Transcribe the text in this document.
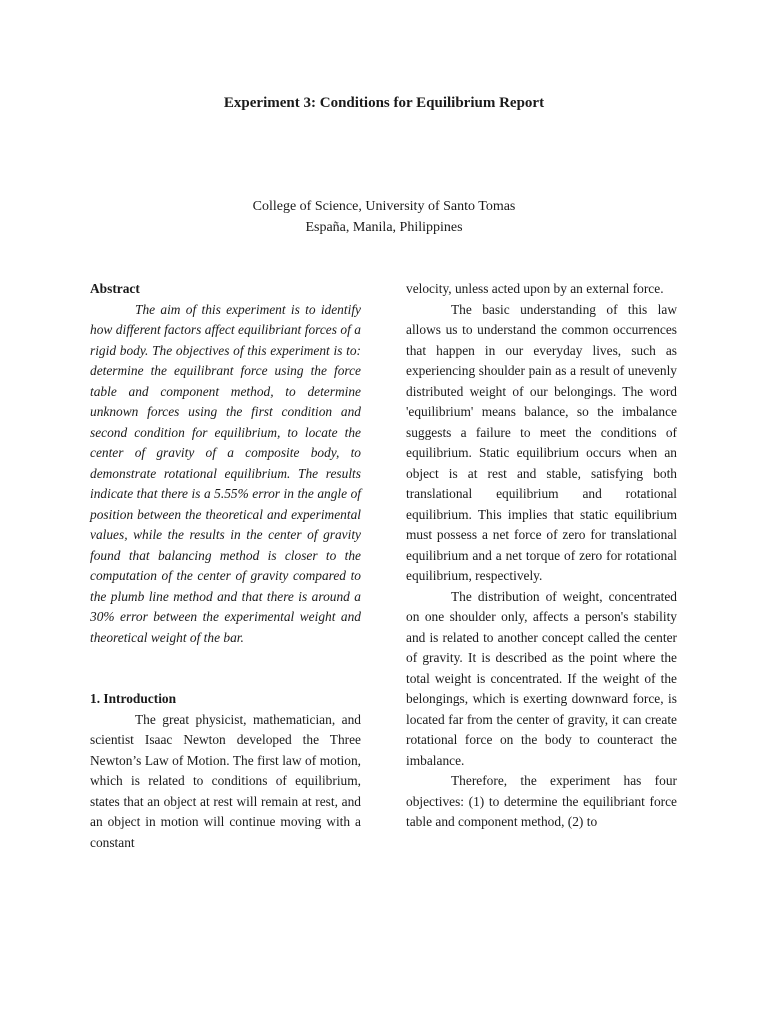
Experiment 3: Conditions for Equilibrium Report
College of Science, University of Santo Tomas
España, Manila, Philippines
Abstract

The aim of this experiment is to identify how different factors affect equilibriant forces of a rigid body. The objectives of this experiment is to: determine the equilibrant force using the force table and component method, to determine unknown forces using the first condition and second condition for equilibrium, to locate the center of gravity of a composite body, to demonstrate rotational equilibrium. The results indicate that there is a 5.55% error in the angle of position between the theoretical and experimental values, while the results in the center of gravity found that balancing method is closer to the computation of the center of gravity compared to the plumb line method and that there is around a 30% error between the experimental weight and theoretical weight of the bar.

1. Introduction

The great physicist, mathematician, and scientist Isaac Newton developed the Three Newton’s Law of Motion. The first law of motion, which is related to conditions of equilibrium, states that an object at rest will remain at rest, and an object in motion will continue moving with a constant

velocity, unless acted upon by an external force.

The basic understanding of this law allows us to understand the common occurrences that happen in our everyday lives, such as experiencing shoulder pain as a result of unevenly distributed weight of our belongings. The word 'equilibrium' means balance, so the imbalance suggests a failure to meet the conditions of equilibrium. Static equilibrium occurs when an object is at rest and stable, satisfying both translational equilibrium and rotational equilibrium. This implies that static equilibrium must possess a net force of zero for translational equilibrium and a net torque of zero for rotational equilibrium, respectively.

The distribution of weight, concentrated on one shoulder only, affects a person's stability and is related to another concept called the center of gravity. It is described as the point where the total weight is concentrated. If the weight of the belongings, which is exerting downward force, is located far from the center of gravity, it can create rotational force on the body to counteract the imbalance.

Therefore, the experiment has four objectives: (1) to determine the equilibriant force table and component method, (2) to
